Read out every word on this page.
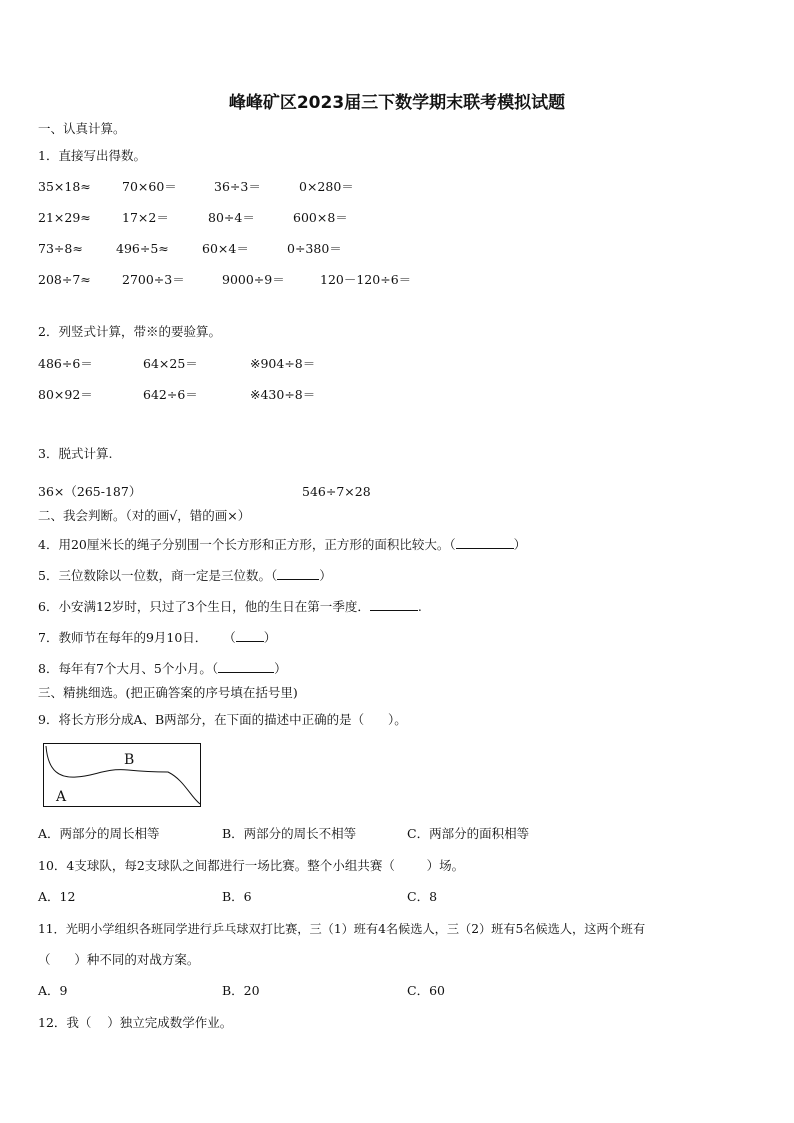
峰峰矿区2023届三下数学期末联考模拟试题
一、认真计算。
1．直接写出得数。
35×18≈ 70×60＝	36÷3＝	0×280＝
21×29≈ 17×2＝	80÷4＝	600×8＝
73÷8≈	496÷5≈	60×4＝	0÷380＝
208÷7≈ 2700÷3＝	9000÷9＝	120－120÷6＝
2．列竖式计算，带※的要验算。
486÷6＝	64×25＝	※904÷8＝
80×92＝	642÷6＝	※430÷8＝
3．脱式计算.
36×（265-187）	546÷7×28
二、我会判断。（对的画√，错的画×）
4．用20厘米长的绳子分别围一个长方形和正方形，正方形的面积比较大。（	）
5．三位数除以一位数，商一定是三位数。（	）
6．小安满12岁时，只过了3个生日，他的生日在第一季度．	.
7．教师节在每年的9月10日．    （ ）
8．每年有7个大月、5个小月。（	）
三、精挑细选。(把正确答案的序号填在括号里)
9．将长方形分成A、B两部分，在下面的描述中正确的是（      ）。
B
A
A．两部分的周长相等	B．两部分的周长不相等	C．两部分的面积相等
10．4支球队，每2支球队之间都进行一场比赛。整个小组共赛（        ）场。
A．12	B．6	C．8
11．光明小学组织各班同学进行乒乓球双打比赛，三（1）班有4名候选人，三（2）班有5名候选人，这两个班有
（      ）种不同的对战方案。
A．9	B．20	C．60
12．我（    ）独立完成数学作业。
